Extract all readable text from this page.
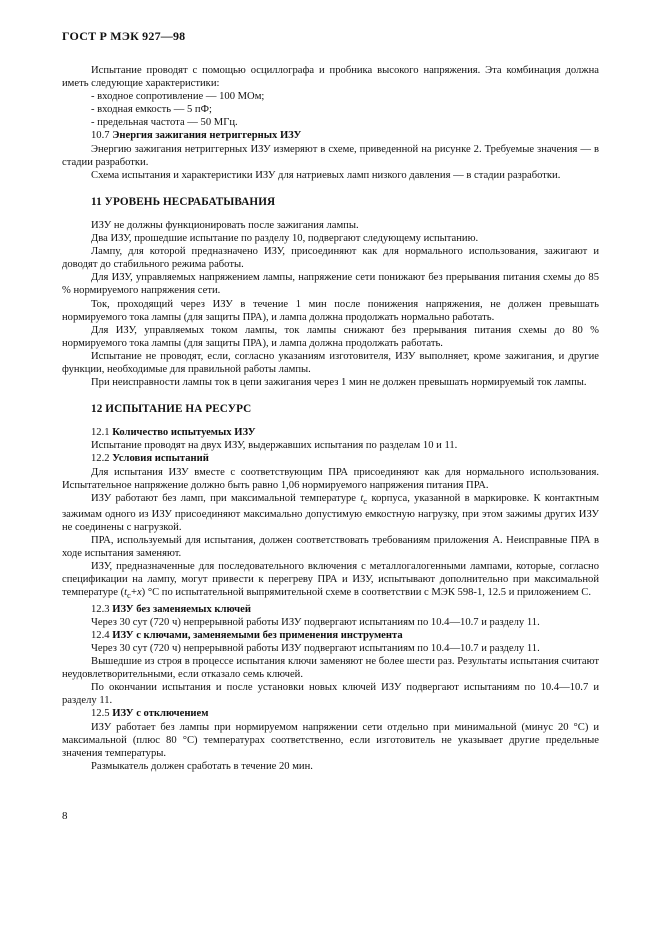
ГОСТ Р МЭК 927—98

Испытание проводят с помощью осциллографа и пробника высокого напряжения. Эта комбинация должна иметь следующие характеристики:

- входное сопротивление — 100 МОм;
- входная емкость — 5 пФ;
- предельная частота — 50 МГц.
10.7 Энергия зажигания нетриггерных ИЗУ

Энергию зажигания нетриггерных ИЗУ измеряют в схеме, приведенной на рисунке 2. Требуемые значения — в стадии разработки.

Схема испытания и характеристики ИЗУ для натриевых ламп низкого давления — в стадии разработки.

11 УРОВЕНЬ НЕСРАБАТЫВАНИЯ

ИЗУ не должны функционировать после зажигания лампы.

Два ИЗУ, прошедшие испытание по разделу 10, подвергают следующему испытанию.

Лампу, для которой предназначено ИЗУ, присоединяют как для нормального использования, зажигают и доводят до стабильного режима работы.

Для ИЗУ, управляемых напряжением лампы, напряжение сети понижают без прерывания питания схемы до 85 % нормируемого напряжения сети.

Ток, проходящий через ИЗУ в течение 1 мин после понижения напряжения, не должен превышать нормируемого тока лампы (для защиты ПРА), и лампа должна продолжать нормально работать.

Для ИЗУ, управляемых током лампы, ток лампы снижают без прерывания питания схемы до 80 % нормируемого тока лампы (для защиты ПРА), и лампа должна продолжать работать.

Испытание не проводят, если, согласно указаниям изготовителя, ИЗУ выполняет, кроме зажигания, и другие функции, необходимые для правильной работы лампы.

При неисправности лампы ток в цепи зажигания через 1 мин не должен превышать нормируемый ток лампы.

12 ИСПЫТАНИЕ НА РЕСУРС
12.1 Количество испытуемых ИЗУ

Испытание проводят на двух ИЗУ, выдержавших испытания по разделам 10 и 11.

12.2 Условия испытаний

Для испытания ИЗУ вместе с соответствующим ПРА присоединяют как для нормального использования. Испытательное напряжение должно быть равно 1,06 нормируемого напряжения питания ПРА.

ИЗУ работают без ламп, при максимальной температуре $t_c$ корпуса, указанной в маркировке. К контактным зажимам одного из ИЗУ присоединяют максимально допустимую емкостную нагрузку, при этом зажимы других ИЗУ не соединены с нагрузкой.

ПРА, используемый для испытания, должен соответствовать требованиям приложения А. Неисправные ПРА в ходе испытания заменяют.

ИЗУ, предназначенные для последовательного включения с металлогалогенными лампами, которые, согласно спецификации на лампу, могут привести к перегреву ПРА и ИЗУ, испытывают дополнительно при максимальной температуре $(t_c+x)$ °С по испытательной выпрямительной схеме в соответствии с МЭК 598-1, 12.5 и приложением С.

12.3 ИЗУ без заменяемых ключей

Через 30 сут (720 ч) непрерывной работы ИЗУ подвергают испытаниям по 10.4—10.7 и разделу 11.

12.4 ИЗУ с ключами, заменяемыми без применения инструмента

Через 30 сут (720 ч) непрерывной работы ИЗУ подвергают испытаниям по 10.4—10.7 и разделу 11.

Вышедшие из строя в процессе испытания ключи заменяют не более шести раз. Результаты испытания считают неудовлетворительными, если отказало семь ключей.

По окончании испытания и после установки новых ключей ИЗУ подвергают испытаниям по 10.4—10.7 и разделу 11.

12.5 ИЗУ с отключением

ИЗУ работает без лампы при нормируемом напряжении сети отдельно при минимальной (минус 20 °С) и максимальной (плюс 80 °С) температурах соответственно, если изготовитель не указывает другие предельные значения температуры.

Размыкатель должен сработать в течение 20 мин.

8
